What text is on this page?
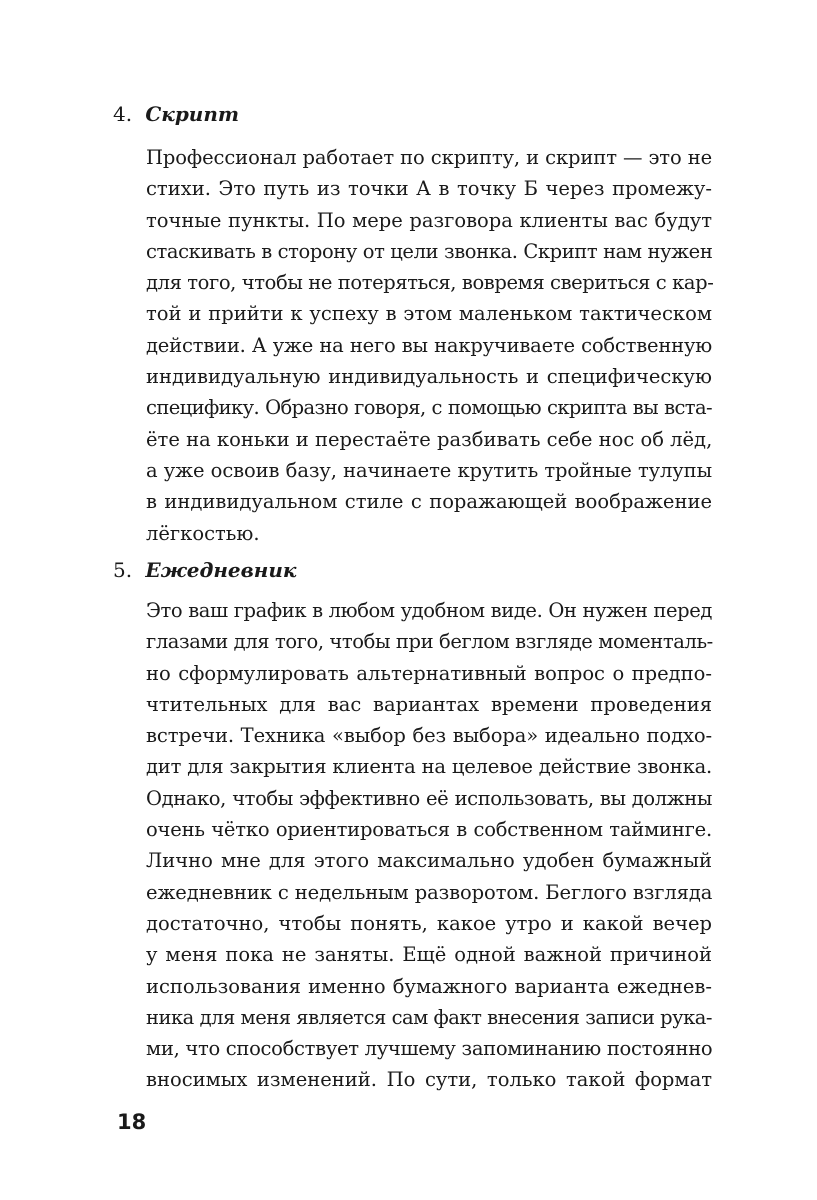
4. Скрипт
Профессионал работает по скрипту, и скрипт — это не
стихи. Это путь из точки А в точку Б через промежу-
точные пункты. По мере разговора клиенты вас будут
стаскивать в сторону от цели звонка. Скрипт нам нужен
для того, чтобы не потеряться, вовремя свериться с кар-
той и прийти к успеху в этом маленьком тактическом
действии. А уже на него вы накручиваете собственную
индивидуальную индивидуальность и специфическую
специфику. Образно говоря, с помощью скрипта вы вста-
ёте на коньки и перестаёте разбивать себе нос об лёд,
а уже освоив базу, начинаете крутить тройные тулупы
в индивидуальном стиле с поражающей воображение
лёгкостью.
5. Ежедневник
Это ваш график в любом удобном виде. Он нужен перед
глазами для того, чтобы при беглом взгляде моменталь-
но сформулировать альтернативный вопрос о предпо-
чтительных для вас вариантах времени проведения
встречи. Техника «выбор без выбора» идеально подхо-
дит для закрытия клиента на целевое действие звонка.
Однако, чтобы эффективно её использовать, вы должны
очень чётко ориентироваться в собственном тайминге.
Лично мне для этого максимально удобен бумажный
ежедневник с недельным разворотом. Беглого взгляда
достаточно, чтобы понять, какое утро и какой вечер
у меня пока не заняты. Ещё одной важной причиной
использования именно бумажного варианта ежеднев-
ника для меня является сам факт внесения записи рука-
ми, что способствует лучшему запоминанию постоянно
вносимых изменений. По сути, только такой формат

18
